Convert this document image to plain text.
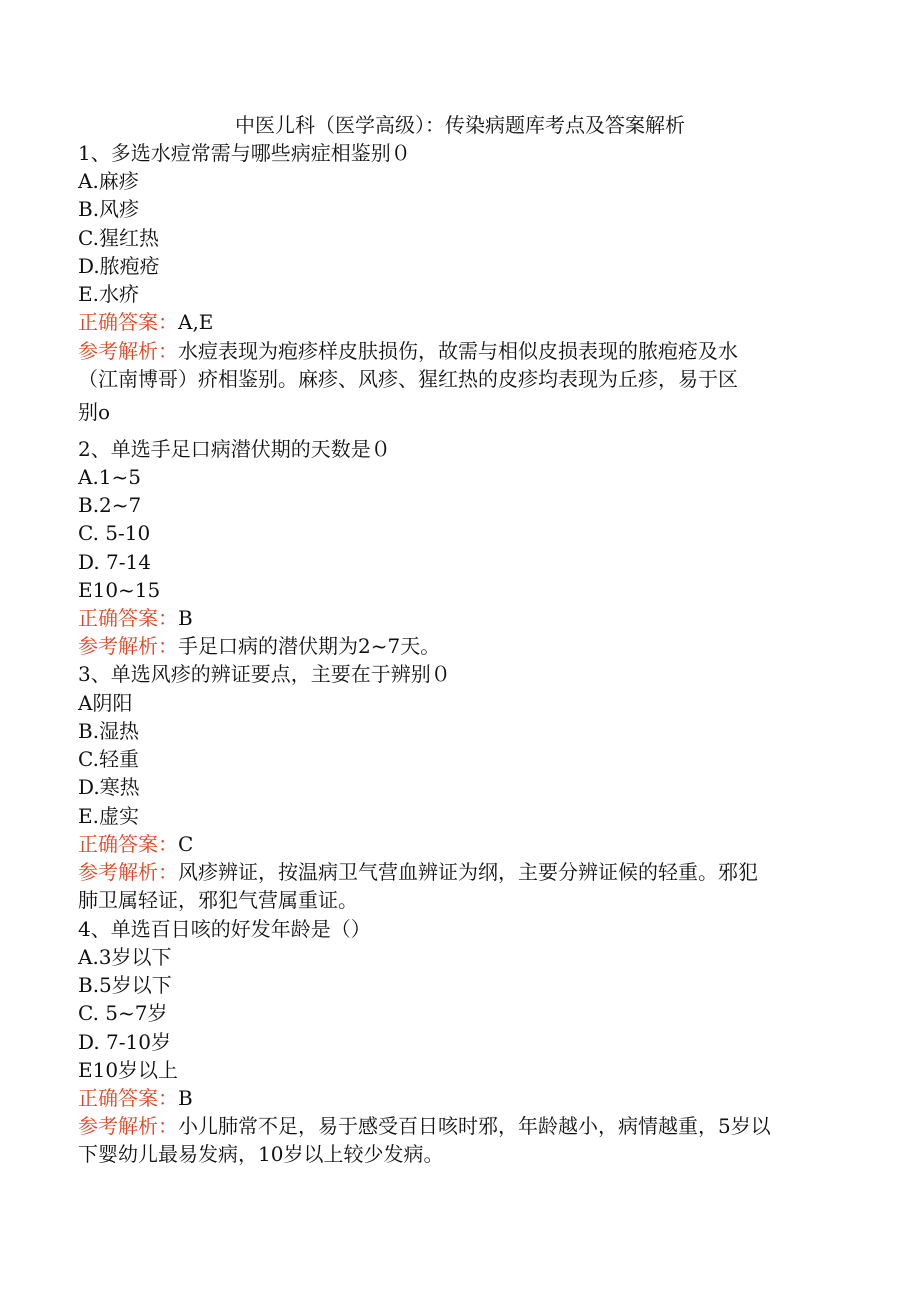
中医儿科（医学高级）：传染病题库考点及答案解析
1、多选水痘常需与哪些病症相鉴别０
A.麻疹
B.风疹
C.猩红热
D.脓疱疮
E.水疥
正确答案：A,E
参考解析：水痘表现为疱疹样皮肤损伤，故需与相似皮损表现的脓疱疮及水
（江南博哥）疥相鉴别。麻疹、风疹、猩红热的皮疹均表现为丘疹，易于区
别o
2、单选手足口病潜伏期的天数是０
A.1~5
B.2~7
C. 5-10
D. 7-14
E10~15
正确答案：B
参考解析：手足口病的潜伏期为2~7天。
3、单选风疹的辨证要点，主要在于辨别０
A阴阳
B.湿热
C.轻重
D.寒热
E.虚实
正确答案：C
参考解析：风疹辨证，按温病卫气营血辨证为纲，主要分辨证候的轻重。邪犯
肺卫属轻证，邪犯气营属重证。
4、单选百日咳的好发年龄是（）
A.3岁以下
B.5岁以下
C. 5~7岁
D. 7-10岁
E10岁以上
正确答案：B
参考解析：小儿肺常不足，易于感受百日咳时邪，年龄越小，病情越重，5岁以
下婴幼儿最易发病，10岁以上较少发病。
